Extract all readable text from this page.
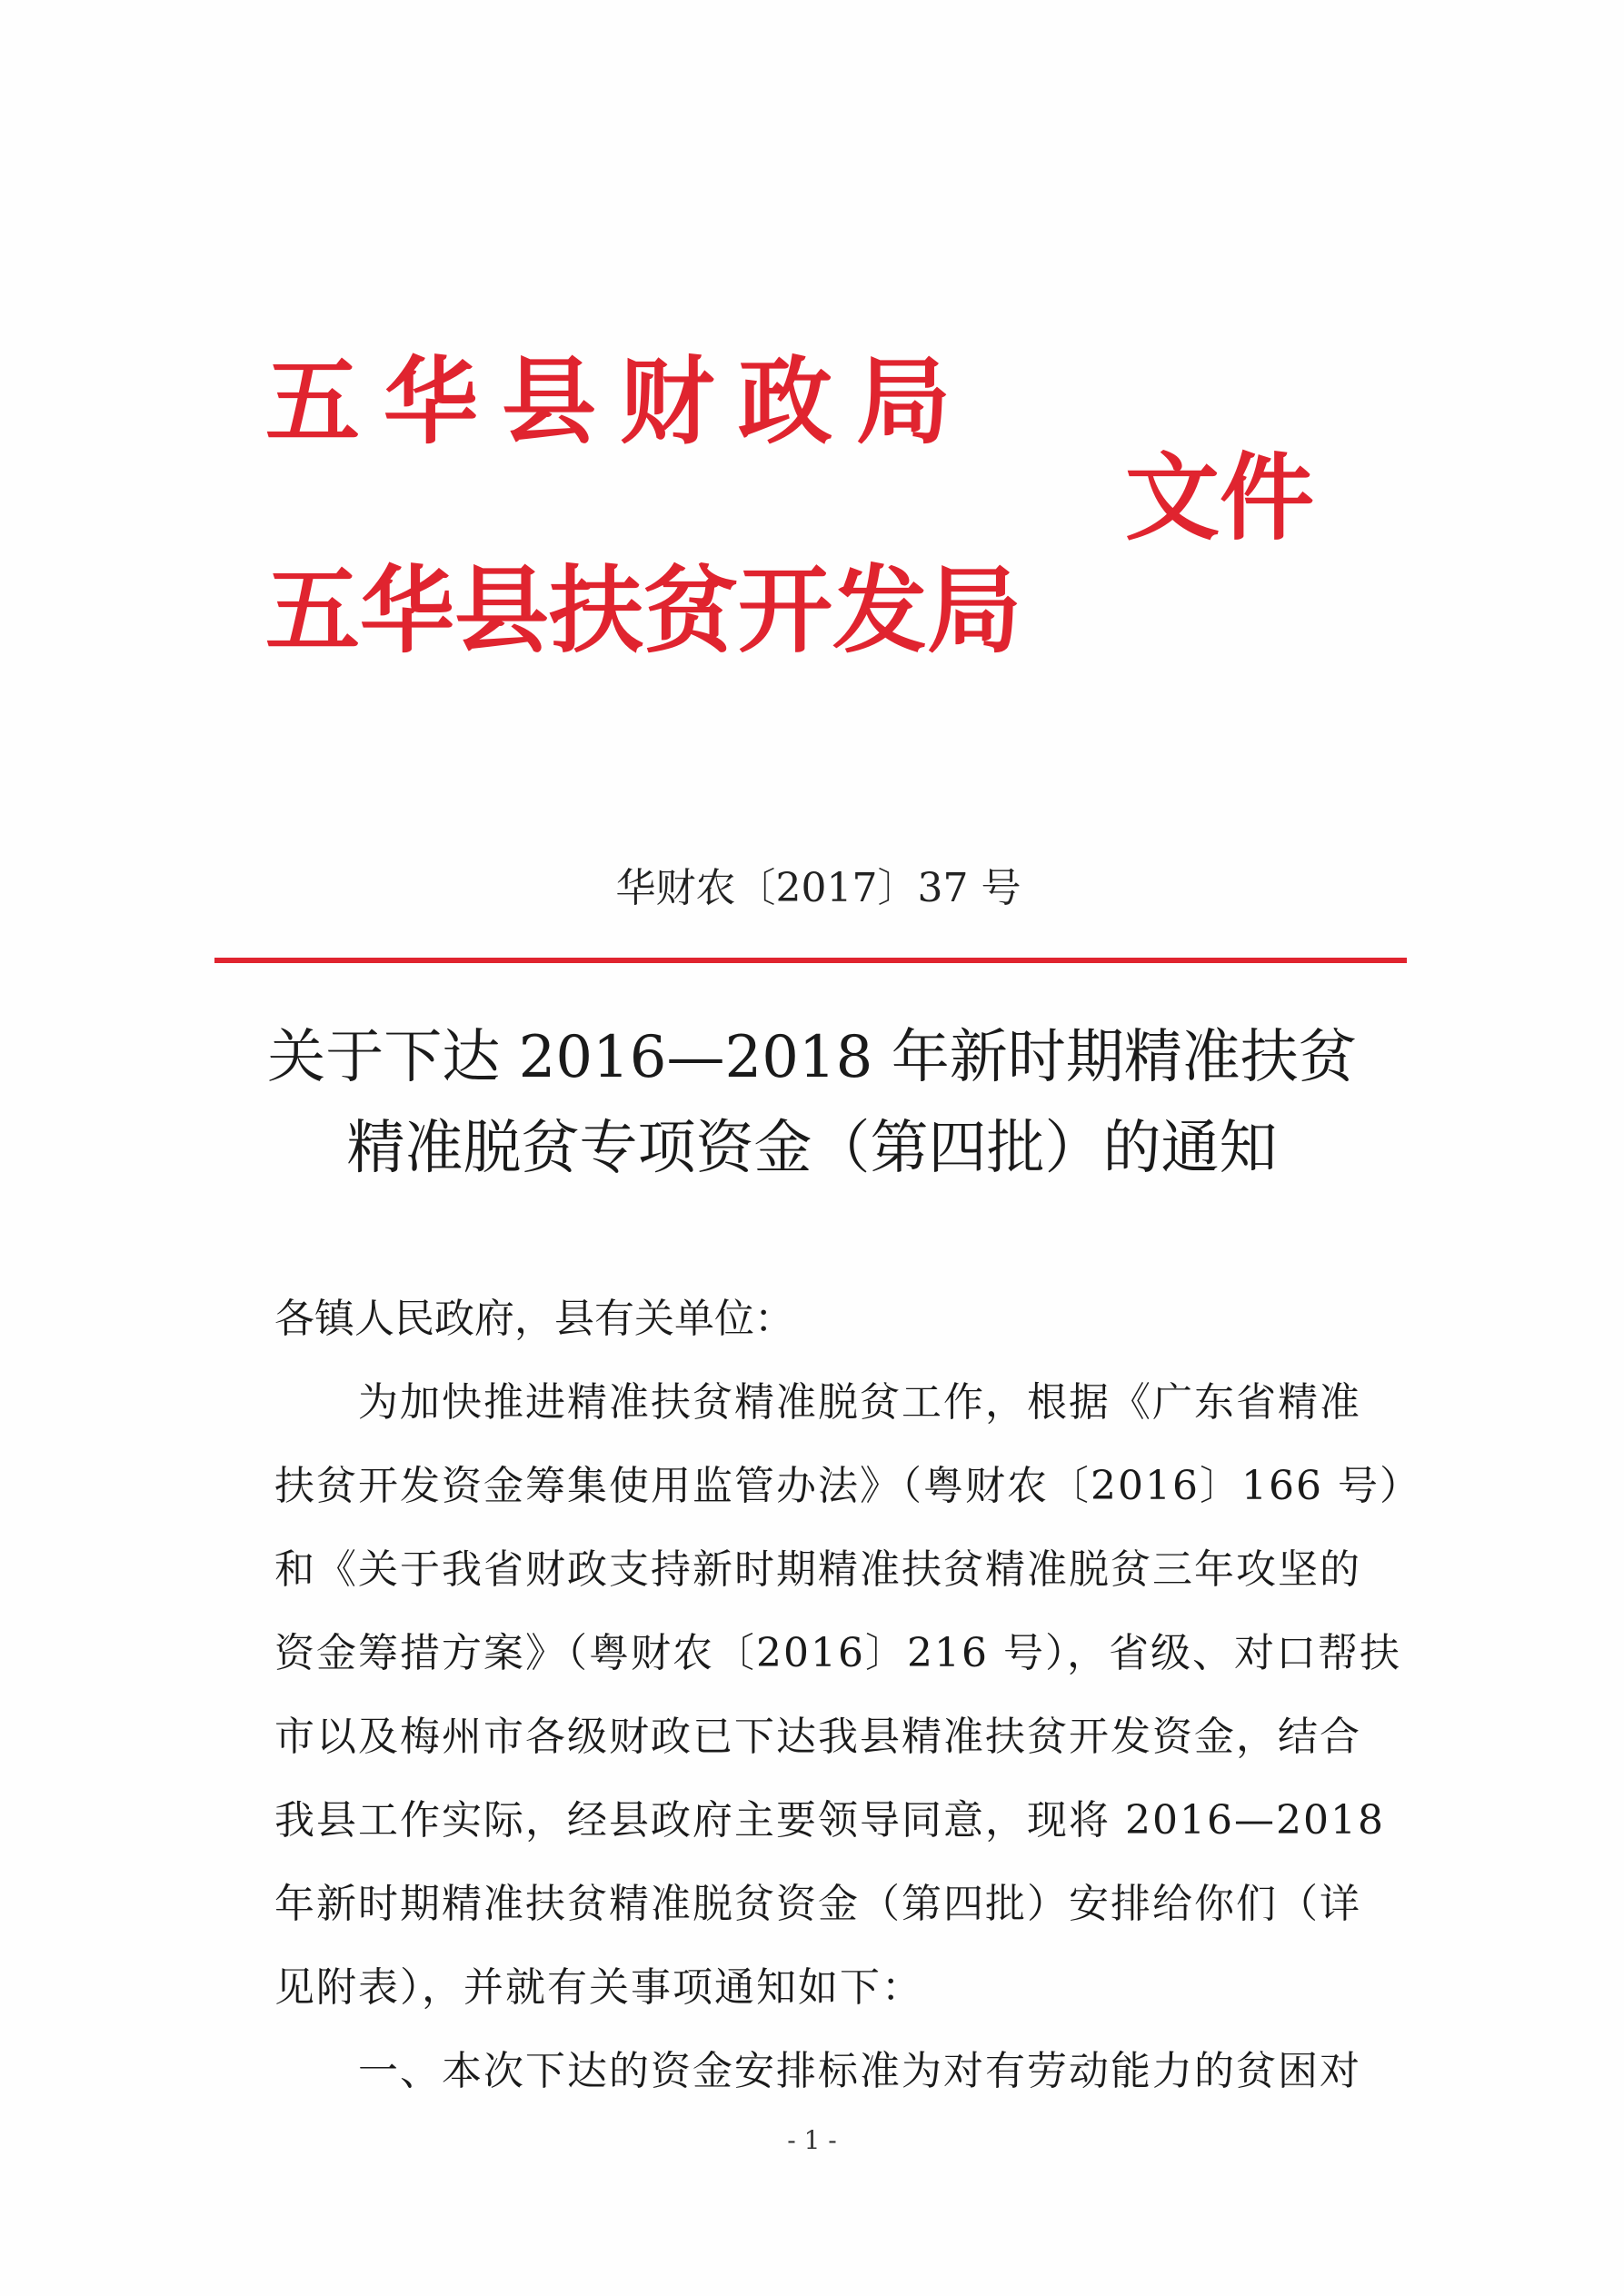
五华县财政局
五华县扶贫开发局
文件
华财农〔2017〕37 号
关于下达 2016—2018 年新时期精准扶贫
精准脱贫专项资金（第四批）的通知
各镇人民政府，县有关单位：
　　为加快推进精准扶贫精准脱贫工作，根据《广东省精准
扶贫开发资金筹集使用监管办法》（粤财农〔2016〕166 号）
和《关于我省财政支持新时期精准扶贫精准脱贫三年攻坚的
资金筹措方案》（粤财农〔2016〕216 号），省级、对口帮扶
市以及梅州市各级财政已下达我县精准扶贫开发资金，结合
我县工作实际，经县政府主要领导同意，现将 2016—2018
年新时期精准扶贫精准脱贫资金（第四批）安排给你们（详
见附表），并就有关事项通知如下：
　　一、本次下达的资金安排标准为对有劳动能力的贫困对
- 1 -
